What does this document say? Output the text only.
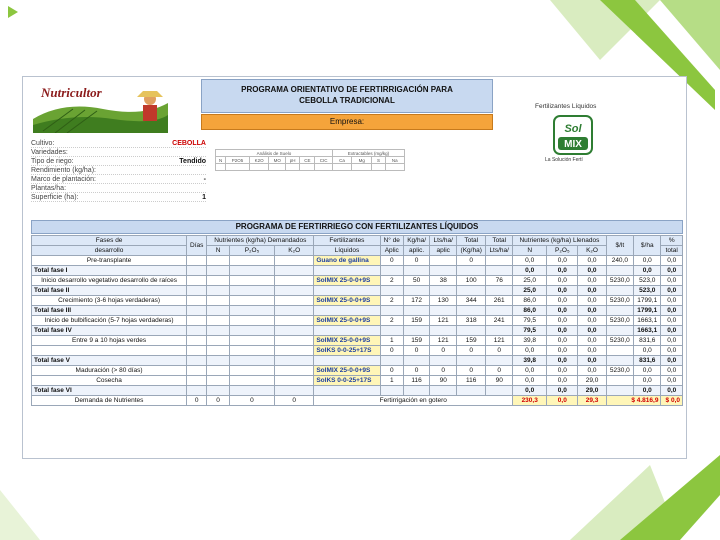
Nutricultor	PROGRAMA ORIENTATIVO DE FERTIRRIGACIÓN PARA
CEBOLLA TRADICIONAL
Empresa:
Fertilizantes Líquidos
Sol
MIX
La Solución Fertí
Cultivo:	CEBOLLA
Variedades:
Tipo de riego:	Tendido
Rendimiento (kg/ha):
Marco de plantación:	-
Plantas/ha:
Superficie (ha):	1
Análisis de Suelo							Extractables (mg/kg)			
N	P2O5	K2O	MO	pH	CE	CIC	Ca	Mg	S	Na

PROGRAMA DE FERTIRRIEGO CON FERTILIZANTES LÍQUIDOS
Fases de	Días	Nutrientes (kg/ha) Demandados			Fertilizantes	N° de	Kg/ha/	Lts/ha/	Total	Total	Nutrientes (kg/ha) Llenados			$/lt	$/ha	%
desarrollo		N	P₂O₅	K₂O	Líquidos	Aplic	aplic.	aplic	(Kg/ha)	Lts/ha/	N	P₂O₅	K₂O			total
Pre-transplante					Guano de gallina	0	0		0		0,0	0,0	0,0	240,0	0,0	0,0
Total fase I											0,0	0,0	0,0		0,0	0,0
Inicio desarrollo vegetativo desarrollo de raíces					SolMIX 25-0-0+9S	2	50	38	100	76	25,0	0,0	0,0	5230,0	523,0	0,0
Total fase II											25,0	0,0	0,0		523,0	0,0
Crecimiento (3-6 hojas verdaderas)					SolMIX 25-0-0+9S	2	172	130	344	261	86,0	0,0	0,0	5230,0	1799,1	0,0
Total fase III											86,0	0,0	0,0		1799,1	0,0
Inicio de bulbificación (5-7 hojas verdaderas)					SolMIX 25-0-0+9S	2	159	121	318	241	79,5	0,0	0,0	5230,0	1663,1	0,0
Total fase IV											79,5	0,0	0,0		1663,1	0,0
Entre 9 a 10 hojas verdes					SolMIX 25-0-0+9S	1	159	121	159	121	39,8	0,0	0,0	5230,0	831,6	0,0
					SolKS 0-0-25+17S	0	0	0	0	0	0,0	0,0	0,0		0,0	0,0
Total fase V											39,8	0,0	0,0		831,6	0,0
Maduración (> 80 días)					SolMIX 25-0-0+9S	0	0	0	0	0	0,0	0,0	0,0	5230,0	0,0	0,0
Cosecha					SolKS 0-0-25+17S	1	116	90	116	90	0,0	0,0	29,0		0,0	0,0
Total fase VI											0,0	0,0	29,0		0,0	0,0
Demanda de Nutrientes	0	0	0	0	Fertirrigación en gotero						230,3	0,0	29,3	$ 4.816,9		$ 0,0
